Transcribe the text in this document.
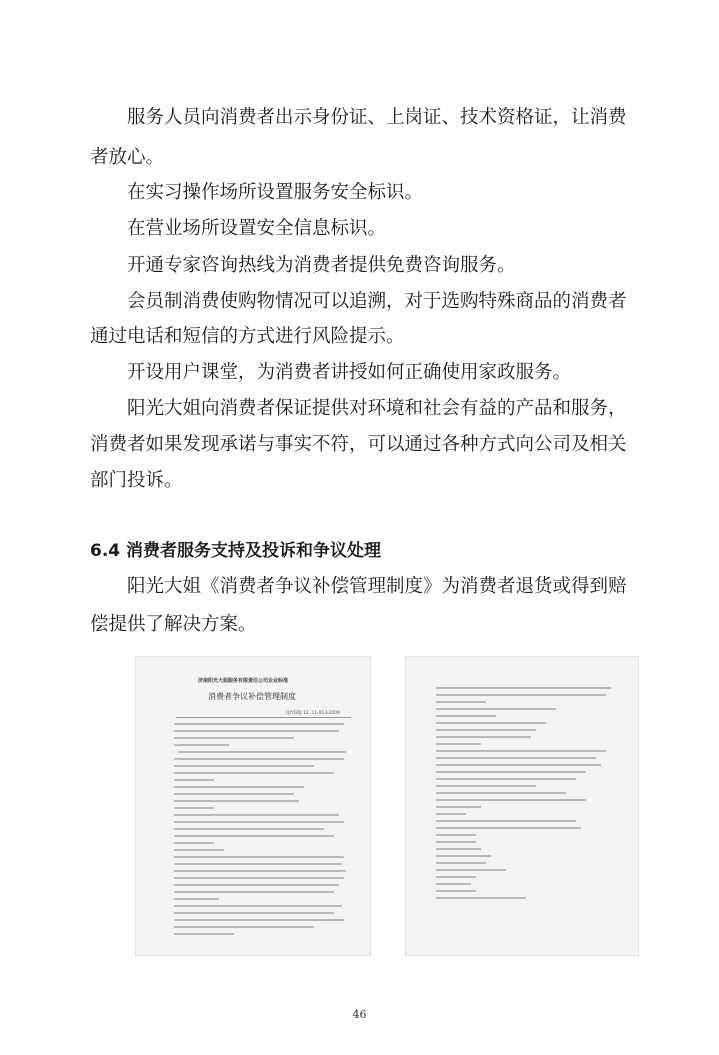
服务人员向消费者出示身份证、上岗证、技术资格证，让消费
者放心。
在实习操作场所设置服务安全标识。
在营业场所设置安全信息标识。
开通专家咨询热线为消费者提供免费咨询服务。
会员制消费使购物情况可以追溯，对于选购特殊商品的消费者
通过电话和短信的方式进行风险提示。
开设用户课堂，为消费者讲授如何正确使用家政服务。
阳光大姐向消费者保证提供对环境和社会有益的产品和服务，
消费者如果发现承诺与事实不符，可以通过各种方式向公司及相关
部门投诉。
6.4 消费者服务支持及投诉和争议处理
阳光大姐《消费者争议补偿管理制度》为消费者退货或得到赔
偿提供了解决方案。
济南阳光大姐服务有限责任公司企业标准
消费者争议补偿管理制度
Q/YGDJ 12. 11-013-2009
46
